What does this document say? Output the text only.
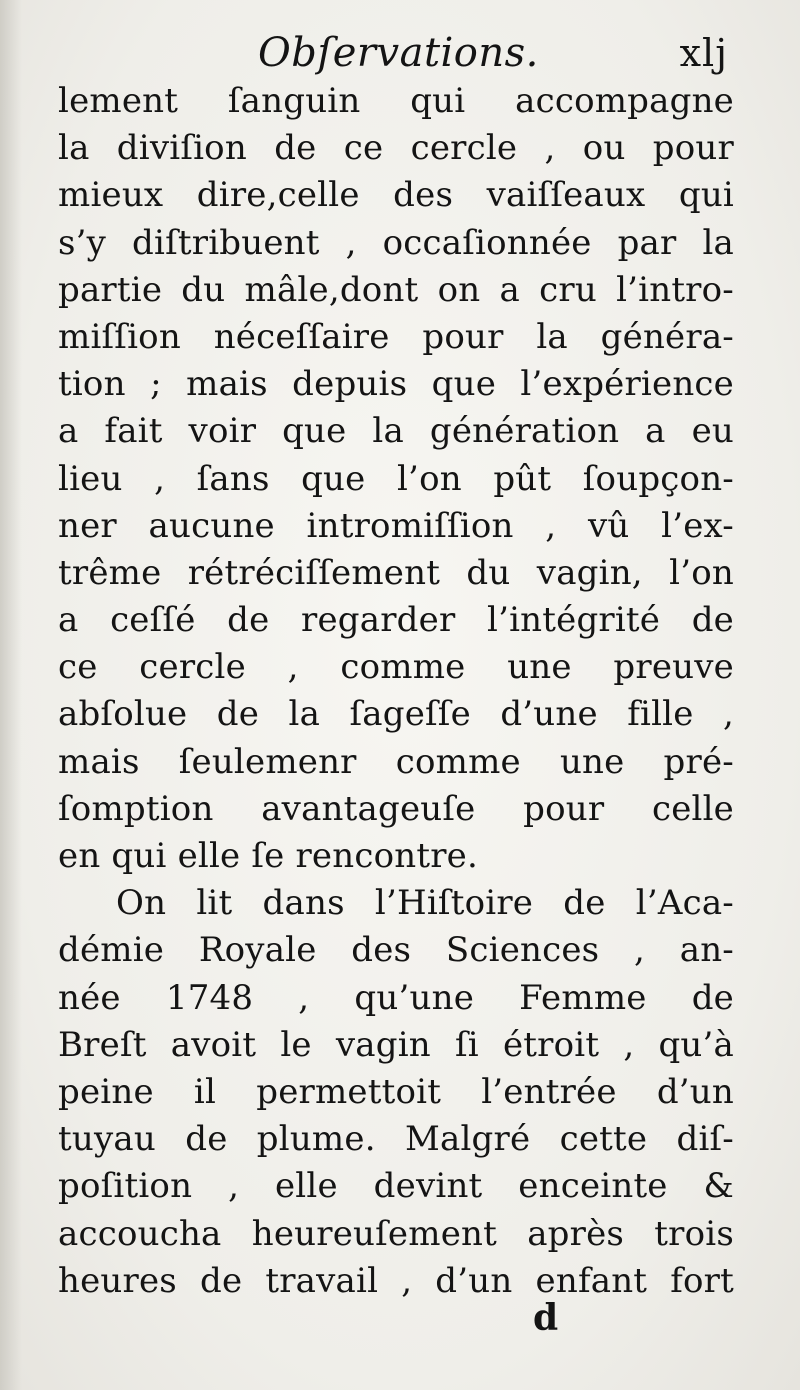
Obſervations.	xlj
lement ſanguin qui accompagne
la diviſion de ce cercle , ou pour
mieux dire,celle des vaiſſeaux qui
s’y diſtribuent , occaſionnée par la
partie du mâle,dont on a cru l’intro-
miſſion néceſſaire pour la généra-
tion ; mais depuis que l’expérience
a fait voir que la génération a eu
lieu , ſans que l’on pût ſoupçon-
ner aucune intromiſſion , vû l’ex-
trême rétréciſſement du vagin, l’on
a ceſſé de regarder l’intégrité de
ce cercle , comme une preuve
abſolue de la ſageſſe d’une fille ,
mais ſeulemenr comme une pré-
ſomption avantageuſe pour celle
en qui elle ſe rencontre.
On lit dans l’Hiſtoire de l’Aca-
démie Royale des Sciences , an-
née 1748 , qu’une Femme de
Breſt avoit le vagin ſi étroit , qu’à
peine il permettoit l’entrée d’un
tuyau de plume. Malgré cette diſ-
poſition , elle devint enceinte &
accoucha heureuſement après trois
heures de travail , d’un enfant fort
d
